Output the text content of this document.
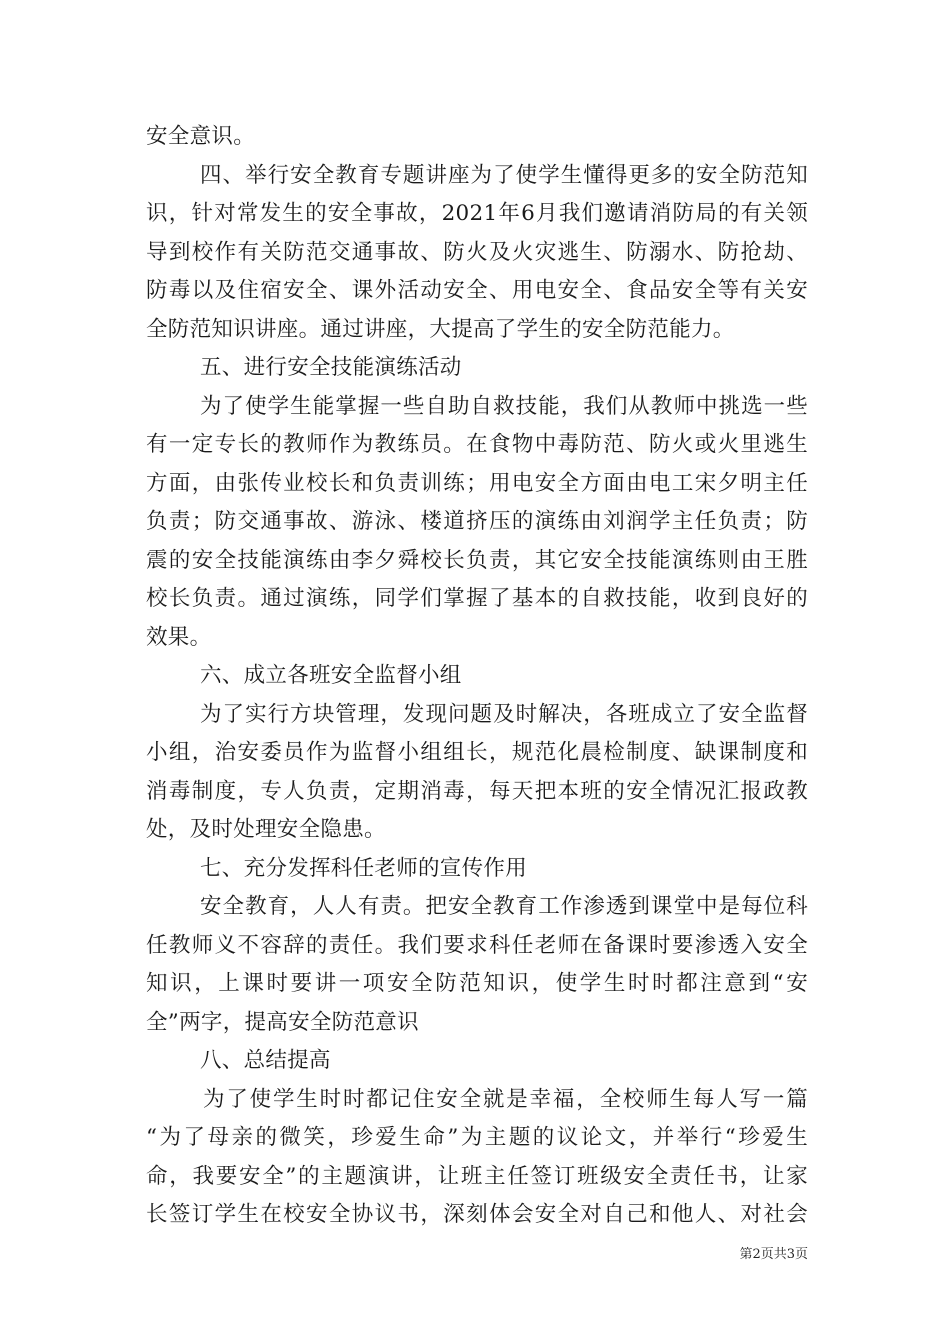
安全意识。
四、举行安全教育专题讲座为了使学生懂得更多的安全防范知
识，针对常发生的安全事故，2021年6月我们邀请消防局的有关领
导到校作有关防范交通事故、防火及火灾逃生、防溺水、防抢劫、
防毒以及住宿安全、课外活动安全、用电安全、食品安全等有关安
全防范知识讲座。通过讲座，大提高了学生的安全防范能力。
五、进行安全技能演练活动
为了使学生能掌握一些自助自救技能，我们从教师中挑选一些
有一定专长的教师作为教练员。在食物中毒防范、防火或火里逃生
方面，由张传业校长和负责训练；用电安全方面由电工宋夕明主任
负责；防交通事故、游泳、楼道挤压的演练由刘润学主任负责；防
震的安全技能演练由李夕舜校长负责，其它安全技能演练则由王胜
校长负责。通过演练，同学们掌握了基本的自救技能，收到良好的
效果。
六、成立各班安全监督小组
为了实行方块管理，发现问题及时解决，各班成立了安全监督
小组，治安委员作为监督小组组长，规范化晨检制度、缺课制度和
消毒制度，专人负责，定期消毒，每天把本班的安全情况汇报政教
处，及时处理安全隐患。
七、充分发挥科任老师的宣传作用
安全教育，人人有责。把安全教育工作渗透到课堂中是每位科
任教师义不容辞的责任。我们要求科任老师在备课时要渗透入安全
知识，上课时要讲一项安全防范知识，使学生时时都注意到“安
全”两字，提高安全防范意识
八、总结提高
为了使学生时时都记住安全就是幸福，全校师生每人写一篇
“为了母亲的微笑，珍爱生命”为主题的议论文，并举行“珍爱生
命，我要安全”的主题演讲，让班主任签订班级安全责任书，让家
长签订学生在校安全协议书，深刻体会安全对自己和他人、对社会
第2页共3页
